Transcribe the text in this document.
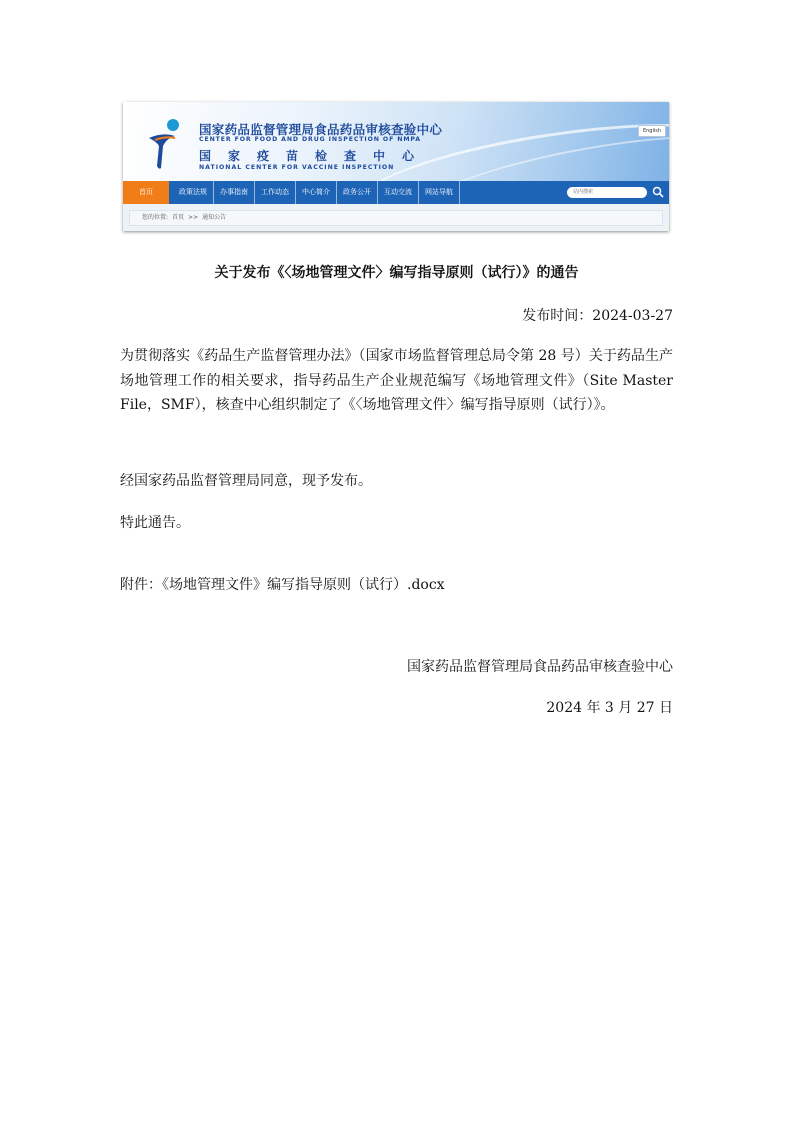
国家药品监督管理局食品药品审核查验中心
CENTER FOR FOOD AND DRUG INSPECTION OF NMPA
国家疫苗检查中心
NATIONAL CENTER FOR VACCINE INSPECTION
English
首页	政策法规	办事指南	工作动态	中心简介	政务公开	互动交流	网站导航	站内搜索
您的位置: 首页 >> 通知公告
关于发布《〈场地管理文件〉编写指导原则（试行）》的通告
发布时间：2024-03-27
为贯彻落实《药品生产监督管理办法》（国家市场监督管理总局令第 28 号）关于药品生产场地管理工作的相关要求，指导药品生产企业规范编写《场地管理文件》（Site Master File，SMF），核查中心组织制定了《〈场地管理文件〉编写指导原则（试行）》。
经国家药品监督管理局同意，现予发布。
特此通告。
附件：《场地管理文件》编写指导原则（试行）.docx
国家药品监督管理局食品药品审核查验中心
2024 年 3 月 27 日
